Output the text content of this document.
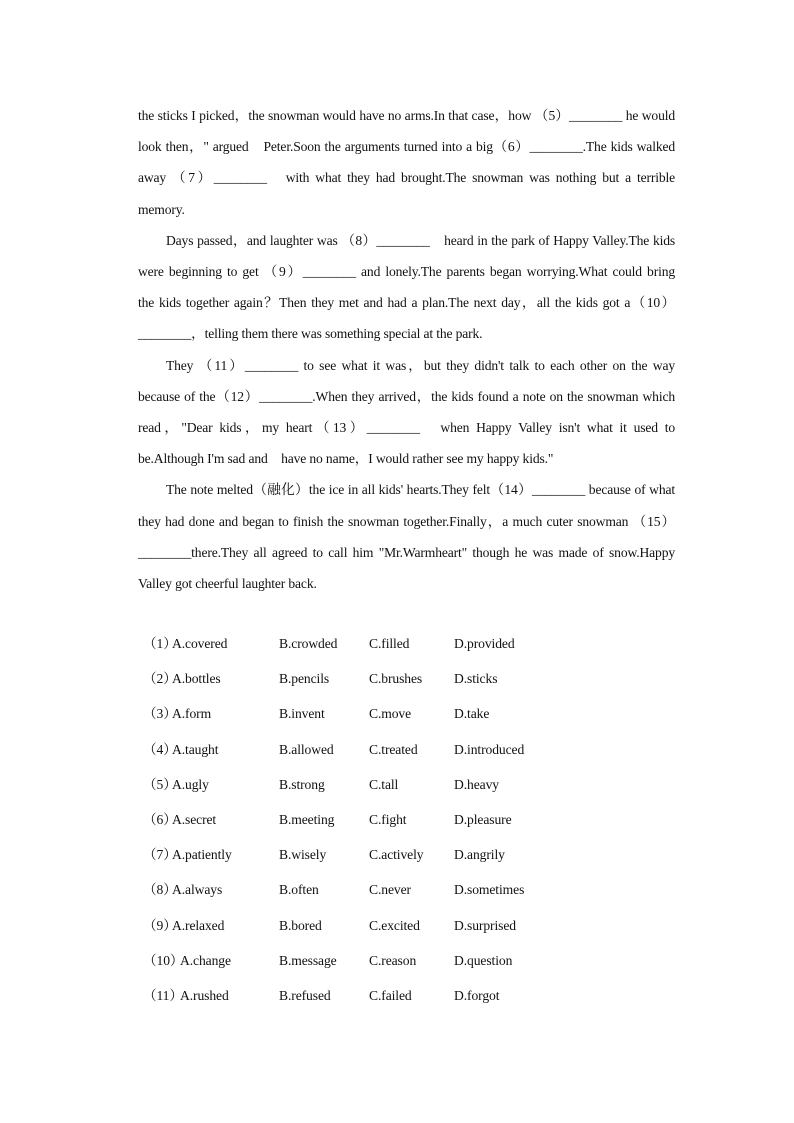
the sticks I picked，the snowman would have no arms.In that case，how （5）________ he would look then，" argued　Peter.Soon the arguments turned into a big（6）________.The kids walked away （7）________　with what they had brought.The snowman was nothing but a terrible memory.

Days passed，and laughter was （8）________　heard in the park of Happy Valley.The kids　　were beginning to get （9）________ and lonely.The parents began worrying.What could bring　the kids together again？Then they met and had a plan.The next day，all the kids got a（10）________，telling them there was something special at the park.

They （11）________ to see what it was，but they didn't talk to each other on the way because of the（12）________.When they arrived，the kids found a note on the snowman which read，"Dear kids，my heart（13）________　when Happy Valley isn't what it used to be.Although I'm sad and　have no name，I would rather see my happy kids."

The note melted（融化）the ice in all kids' hearts.They felt（14）________ because of what they had done and began to finish the snowman together.Finally，a much cuter snowman （15）________there.They all agreed to call him "Mr.Warmheart" though he was made of snow.Happy Valley got cheerful laughter back.

（1）
A.covered	B.crowded C.filled	D.provided
（2）
A.bottles	B.pencils	C.brushes D.sticks
（3）
A.form	B.invent	C.move	D.take
（4）
A.taught	B.allowed	C.treated	D.introduced
（5）
A.ugly	B.strong	C.tall	D.heavy
（6）
A.secret	B.meeting	C.fight	D.pleasure
（7）
A.patiently	B.wisely	C.actively D.angrily
（8）
A.always	B.often	C.never	D.sometimes
（9）
A.relaxed	B.bored	C.excited	D.surprised
（10）
A.change	B.message C.reason	D.question
（11）
A.rushed	B.refused	C.failed	D.forgot
